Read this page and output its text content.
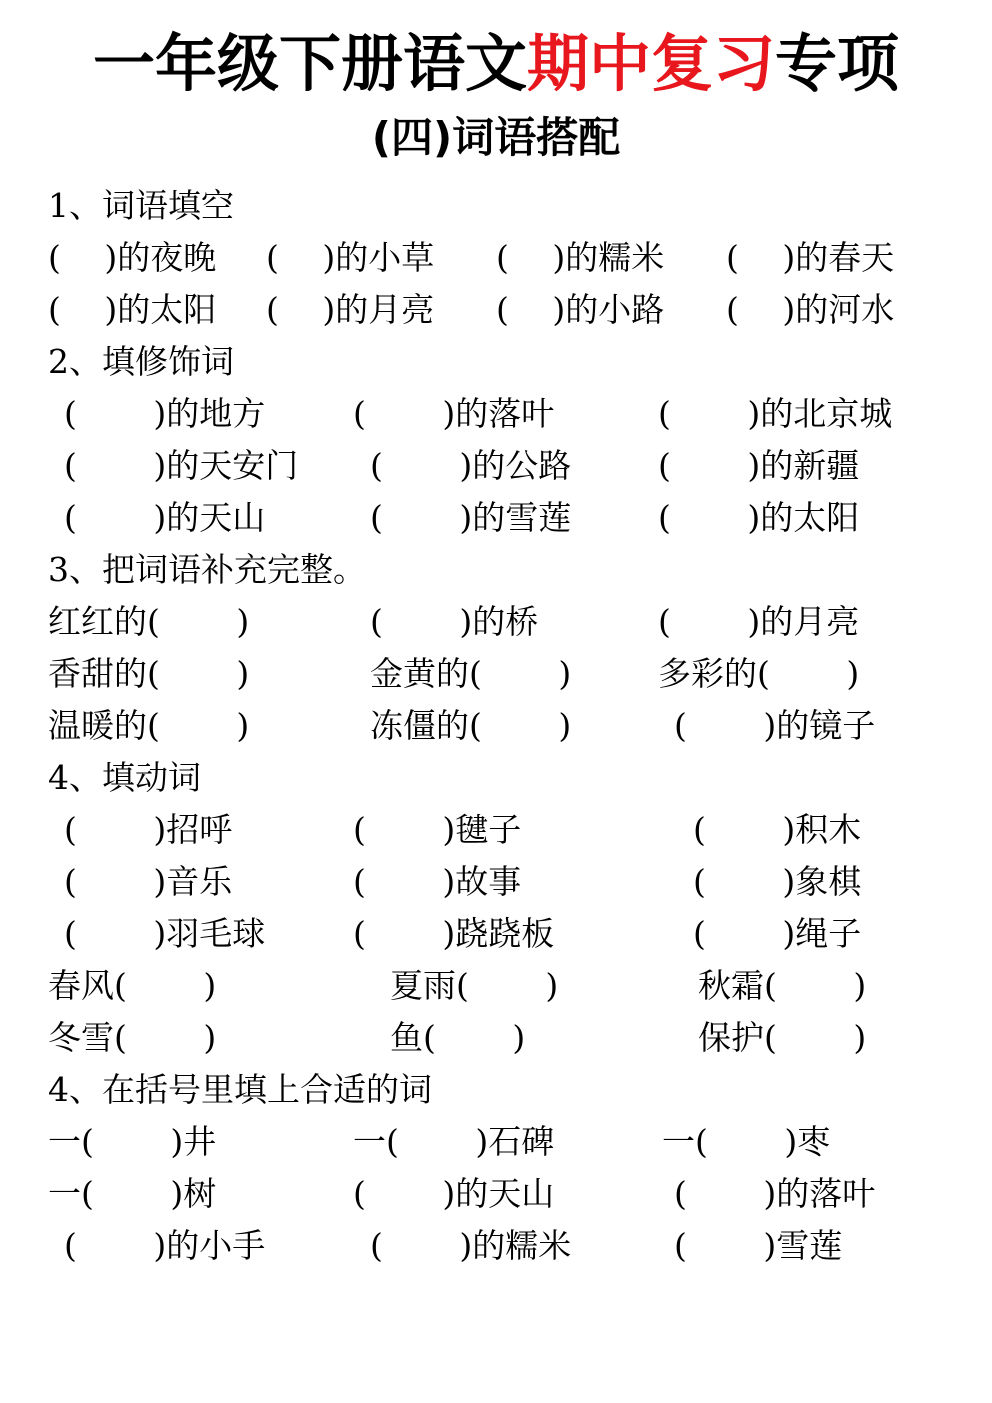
一年级下册语文期中复习专项
(四)词语搭配
1、词语填空
(　 )的夜晚 (　 )的小草 (　 )的糯米 (　 )的春天
(　 )的太阳 (　 )的月亮 (　 )的小路 (　 )的河水
2、填修饰词
(　　 )的地方	(　　 )的落叶	(　　 )的北京城
(　　 )的天安门 (　　 )的公路	(　　 )的新疆
(　　 )的天山	(　　 )的雪莲	(　　 )的太阳
3、把词语补充完整。
红红的(　　 )	(　　 )的桥	(　　 )的月亮
香甜的(　　 )	金黄的(　　 )	多彩的(　　 )
温暖的(　　 )	冻僵的(　　 )	(　　 )的镜子
4、填动词
(　　 )招呼	(　　 )毽子	(　　 )积木
(　　 )音乐	(　　 )故事	(　　 )象棋
(　　 )羽毛球	(　　 )跷跷板	(　　 )绳子
春风(　　 )	夏雨(　　 )	秋霜(　　 )
冬雪(　　 )	鱼(　　 )	保护(　　 )
4、在括号里填上合适的词
一(　　 )井	一(　　 )石碑	一(　　 )枣
一(　　 )树	(　　 )的天山	(　　 )的落叶
(　　 )的小手	(　　 )的糯米	(　　 )雪莲
